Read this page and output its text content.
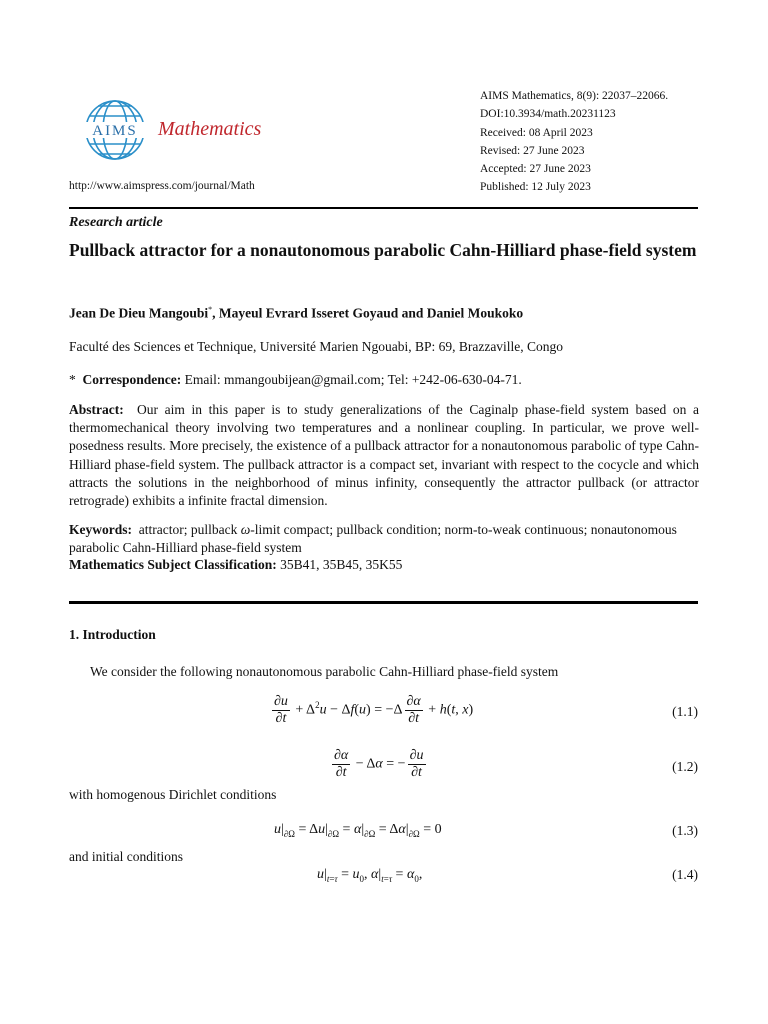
AIMS Mathematics
http://www.aimspress.com/journal/Math
AIMS Mathematics, 8(9): 22037–22066.
DOI:10.3934/math.20231123
Received: 08 April 2023
Revised: 27 June 2023
Accepted: 27 June 2023
Published: 12 July 2023
Research article
Pullback attractor for a nonautonomous parabolic Cahn-Hilliard phase-field system
Jean De Dieu Mangoubi*, Mayeul Evrard Isseret Goyaud and Daniel Moukoko
Faculté des Sciences et Technique, Université Marien Ngouabi, BP: 69, Brazzaville, Congo
* Correspondence: Email: mmangoubijean@gmail.com; Tel: +242-06-630-04-71.
Abstract: Our aim in this paper is to study generalizations of the Caginalp phase-field system based on a thermomechanical theory involving two temperatures and a nonlinear coupling. In particular, we prove well-posedness results. More precisely, the existence of a pullback attractor for a nonautonomous parabolic of type Cahn-Hilliard phase-field system. The pullback attractor is a compact set, invariant with respect to the cocycle and which attracts the solutions in the neighborhood of minus infinity, consequently the attractor pullback (or attractor retrograde) exhibits a infinite fractal dimension.
Keywords: attractor; pullback ω-limit compact; pullback condition; norm-to-weak continuous; nonautonomous parabolic Cahn-Hilliard phase-field system
Mathematics Subject Classification: 35B41, 35B45, 35K55
1. Introduction
We consider the following nonautonomous parabolic Cahn-Hilliard phase-field system
$\frac{\partial u}{\partial t} + \Delta^2u - \Delta f(u) = -\Delta \frac{\partial\alpha}{\partial t} + h(t$, x)	(1.1)
$\frac{\partial\alpha}{\partial t} - \Delta\alpha$ = − $\frac{\partial u}{\partial t}$	(1.2)
with homogenous Dirichlet conditions
$u|_{\partial\Omega} = \Delta u|_{\partial\Omega} = \alpha|_{\partial\Omega} = \Delta\alpha|_{\partial\Omega} = 0$	(1.3)
and initial conditions
$u|_{t=\tau} = u_0$, $\alpha|_{t=\tau} = \alpha_0$,	(1.4)
